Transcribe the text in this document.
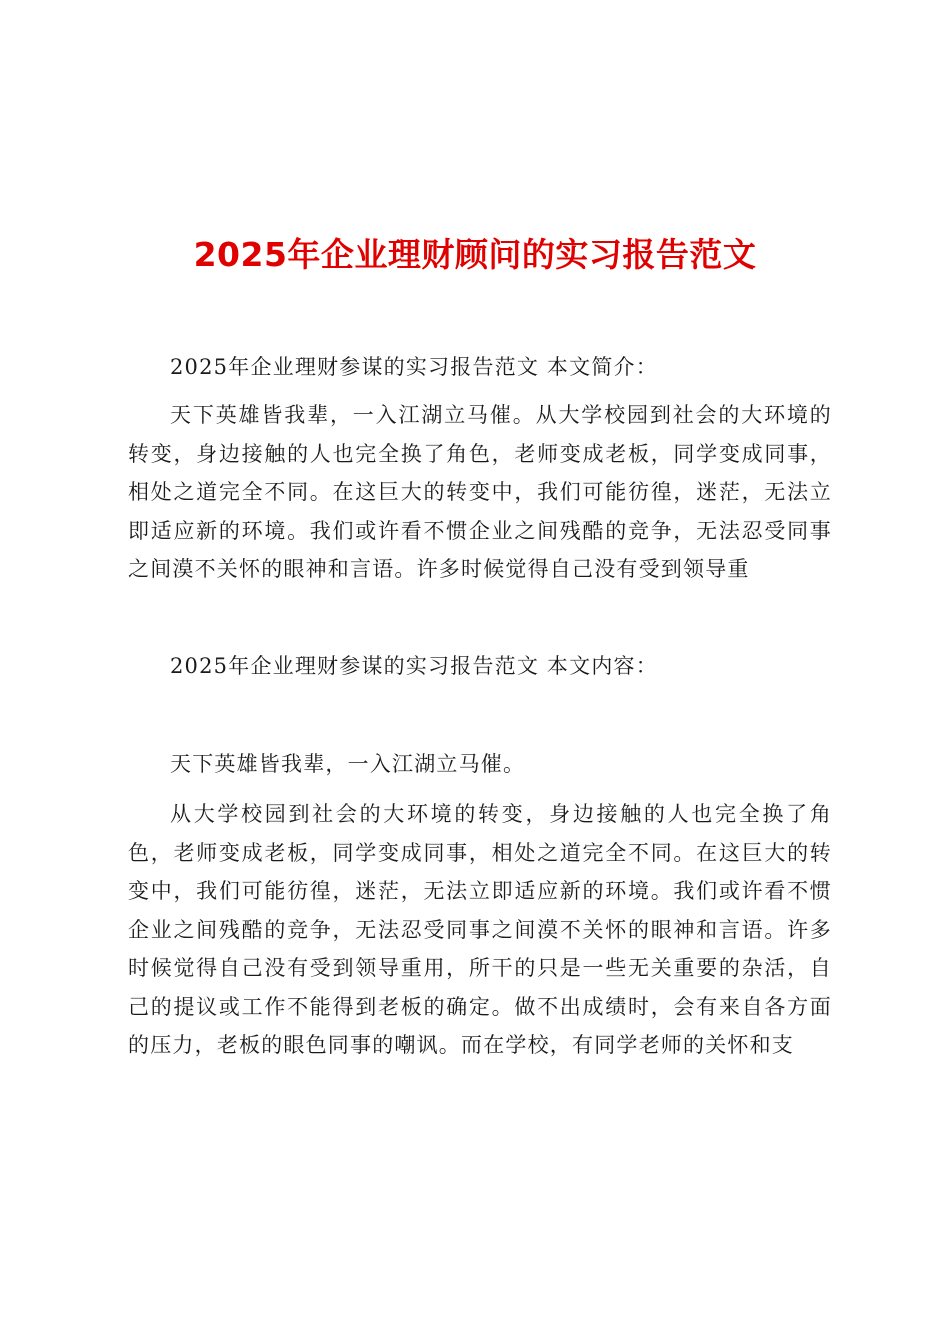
2025年企业理财顾问的实习报告范文

2025年企业理财参谋的实习报告范文 本文简介：

天下英雄皆我辈，一入江湖立马催。从大学校园到社会的大环境的转变，身边接触的人也完全换了角色，老师变成老板，同学变成同事，相处之道完全不同。在这巨大的转变中，我们可能彷徨，迷茫，无法立即适应新的环境。我们或许看不惯企业之间残酷的竞争，无法忍受同事之间漠不关怀的眼神和言语。许多时候觉得自己没有受到领导重

2025年企业理财参谋的实习报告范文 本文内容：

天下英雄皆我辈，一入江湖立马催。

从大学校园到社会的大环境的转变，身边接触的人也完全换了角色，老师变成老板，同学变成同事，相处之道完全不同。在这巨大的转变中，我们可能彷徨，迷茫，无法立即适应新的环境。我们或许看不惯企业之间残酷的竞争，无法忍受同事之间漠不关怀的眼神和言语。许多时候觉得自己没有受到领导重用，所干的只是一些无关重要的杂活，自己的提议或工作不能得到老板的确定。做不出成绩时，会有来自各方面的压力，老板的眼色同事的嘲讽。而在学校，有同学老师的关怀和支
